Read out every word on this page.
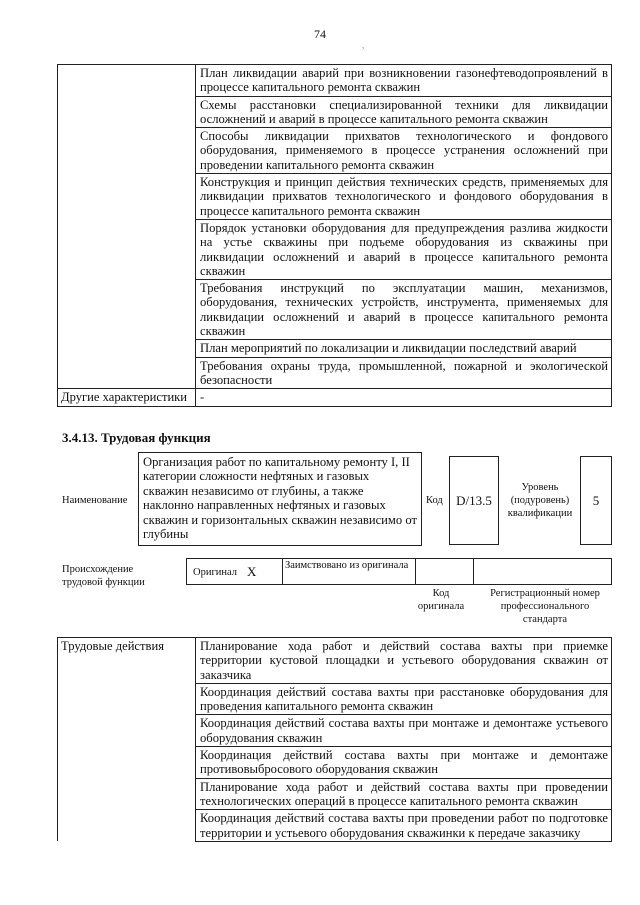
74
,
	План ликвидации аварий при возникновении газонефтеводопроявлений в процессе капитального ремонта скважин
	Схемы расстановки специализированной техники для ликвидации осложнений и аварий в процессе капитального ремонта скважин
	Способы ликвидации прихватов технологического и фондового оборудования, применяемого в процессе устранения осложнений при проведении капитального ремонта скважин
	Конструкция и принцип действия технических средств, применяемых для ликвидации прихватов технологического и фондового оборудования в процессе капитального ремонта скважин
	Порядок установки оборудования для предупреждения разлива жидкости на устье скважины при подъеме оборудования из скважины при ликвидации осложнений и аварий в процессе капитального ремонта скважин
	Требования инструкций по эксплуатации машин, механизмов, оборудования, технических устройств, инструмента, применяемых для ликвидации осложнений и аварий в процессе капитального ремонта скважин
	План мероприятий по локализации и ликвидации последствий аварий
	Требования охраны труда, промышленной, пожарной и экологической безопасности
Другие характеристики	-
3.4.13. Трудовая функция
Наименование
Организация работ по капитальному ремонту I, II категории сложности нефтяных и газовых скважин независимо от глубины, а также наклонно направленных нефтяных и газовых скважин и горизонтальных скважин независимо от глубины
Код	D/13.5
Уровень (подуровень) квалификации
5
Происхождение трудовой функции
Оригинал X	Заимствовано из оригинала
Код оригинала
Регистрационный номер профессионального стандарта
Трудовые действия	Планирование хода работ и действий состава вахты при приемке территории кустовой площадки и устьевого оборудования скважин от заказчика
Координация действий состава вахты при расстановке оборудования для проведения капитального ремонта скважин
Координация действий состава вахты при монтаже и демонтаже устьевого оборудования скважин
Координация действий состава вахты при монтаже и демонтаже противовыбросового оборудования скважин
Планирование хода работ и действий состава вахты при проведении технологических операций в процессе капитального ремонта скважин
Координация действий состава вахты при проведении работ по подготовке территории и устьевого оборудования скважинки к передаче заказчику
